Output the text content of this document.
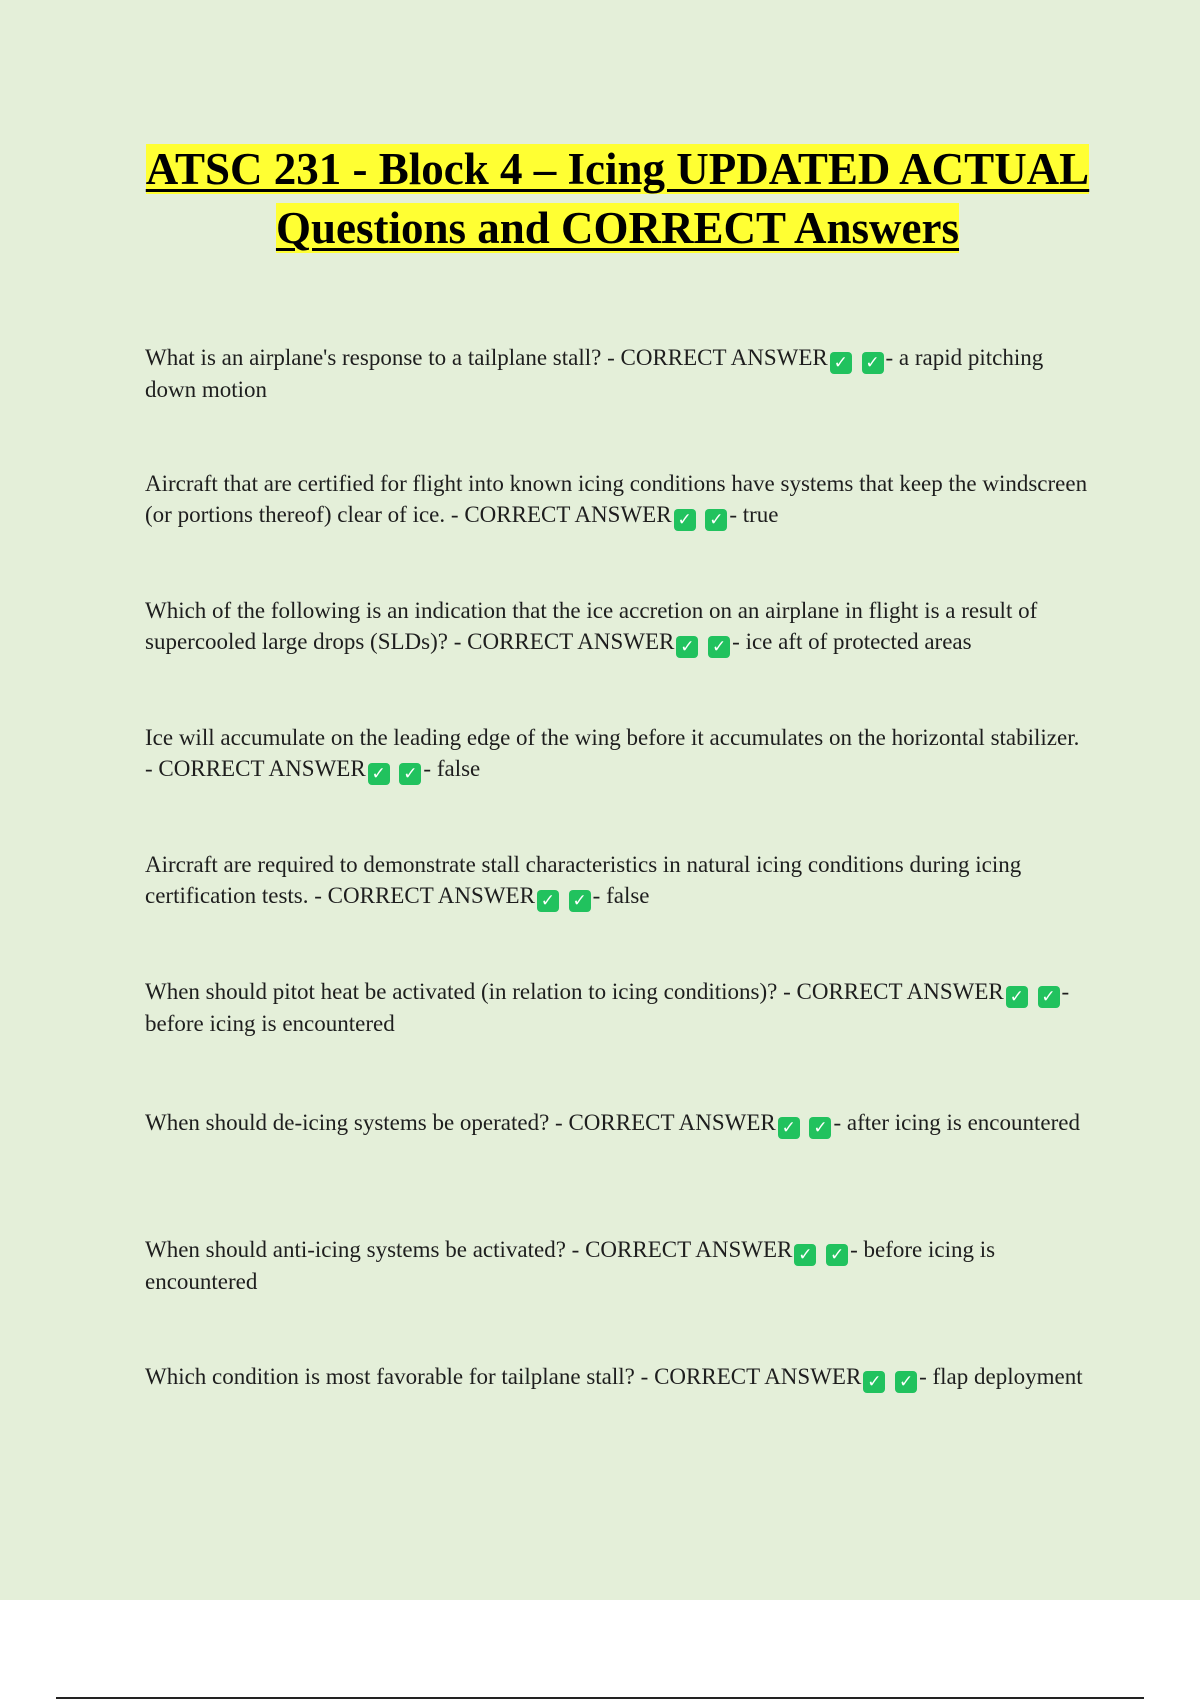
ATSC 231 - Block 4 – Icing UPDATED ACTUAL Questions and CORRECT Answers

What is an airplane's response to a tailplane stall? - CORRECT ANSWER ✓ ✓ - a rapid pitching down motion

Aircraft that are certified for flight into known icing conditions have systems that keep the windscreen (or portions thereof) clear of ice. - CORRECT ANSWER ✓ ✓ - true

Which of the following is an indication that the ice accretion on an airplane in flight is a result of supercooled large drops (SLDs)? - CORRECT ANSWER ✓ ✓ - ice aft of protected areas

Ice will accumulate on the leading edge of the wing before it accumulates on the horizontal stabilizer. - CORRECT ANSWER ✓ ✓ - false

Aircraft are required to demonstrate stall characteristics in natural icing conditions during icing certification tests. - CORRECT ANSWER ✓ ✓ - false

When should pitot heat be activated (in relation to icing conditions)? - CORRECT ANSWER ✓ ✓ - before icing is encountered

When should de-icing systems be operated? - CORRECT ANSWER ✓ ✓ - after icing is encountered

When should anti-icing systems be activated? - CORRECT ANSWER ✓ ✓ - before icing is encountered

Which condition is most favorable for tailplane stall? - CORRECT ANSWER ✓ ✓ - flap deployment
